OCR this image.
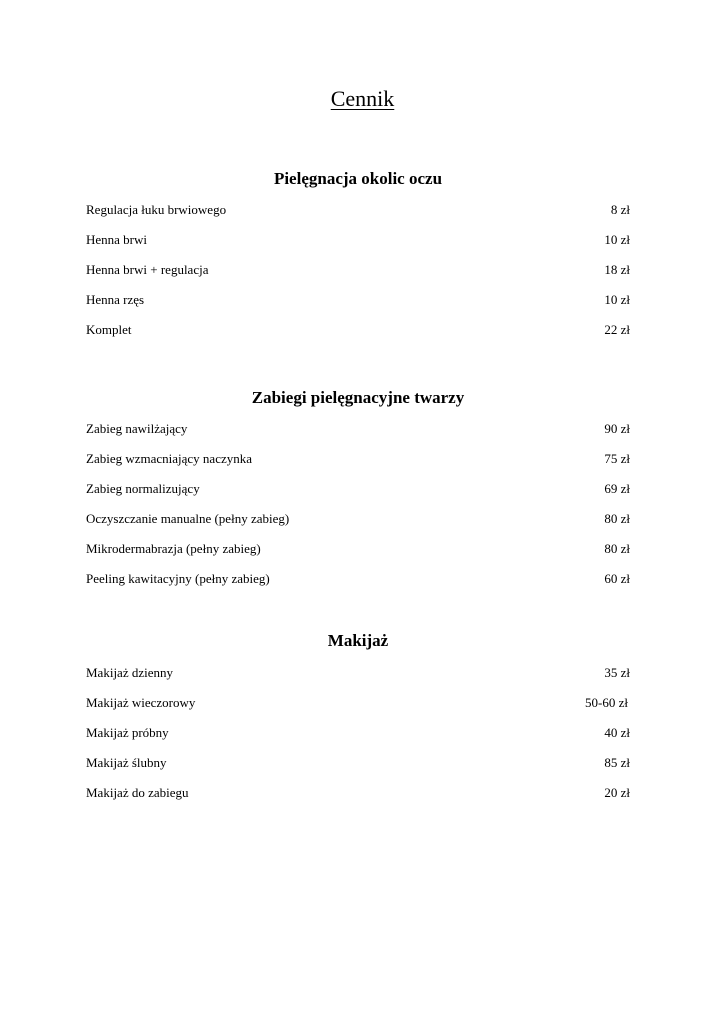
Cennik
Pielęgnacja okolic oczu
Regulacja łuku brwiowego	8 zł
Henna brwi	10 zł
Henna brwi + regulacja	18 zł
Henna rzęs	10 zł
Komplet	22 zł
Zabiegi pielęgnacyjne twarzy
Zabieg nawilżający	90 zł
Zabieg wzmacniający naczynka	75 zł
Zabieg normalizujący	69 zł
Oczyszczanie manualne (pełny zabieg)	80 zł
Mikrodermabrazja (pełny zabieg)	80 zł
Peeling kawitacyjny (pełny zabieg)	60 zł
Makijaż
Makijaż dzienny	35 zł
Makijaż wieczorowy	50-60 zł
Makijaż próbny	40 zł
Makijaż ślubny	85 zł
Makijaż do zabiegu	20 zł
